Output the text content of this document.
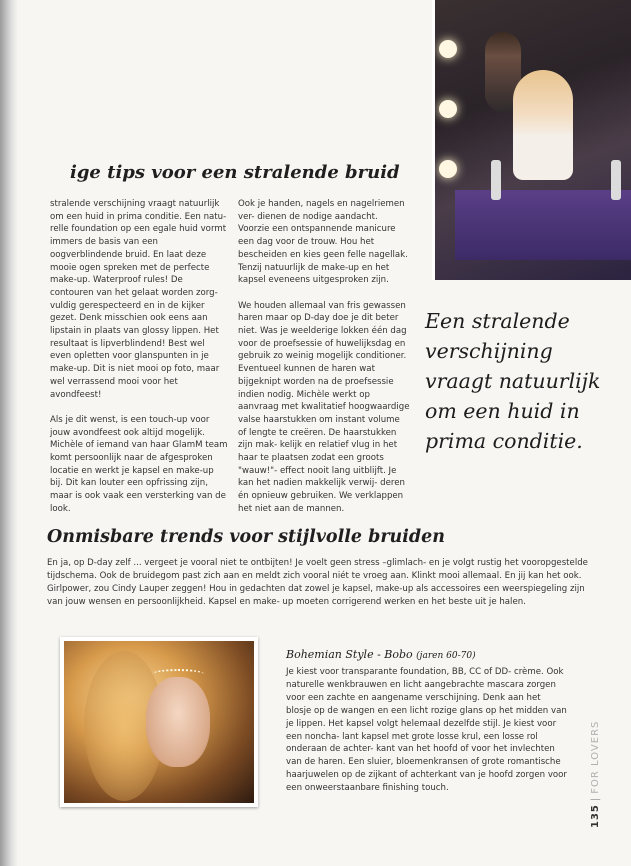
ige tips voor een stralende bruid

stralende verschijning vraagt natuurlijk om een huid in prima conditie. Een natu- relle foundation op een egale huid vormt immers de basis van een oogverblindende bruid. En laat deze mooie ogen spreken met de perfecte make-up. Waterproof rules! De contouren van het gelaat worden zorg- vuldig gerespecteerd en in de kijker gezet. Denk misschien ook eens aan lipstain in plaats van glossy lippen. Het resultaat is lipverblindend! Best wel even opletten voor glanspunten in je make-up. Dit is niet mooi op foto, maar wel verrassend mooi voor het avondfeest!

Als je dit wenst, is een touch-up voor jouw avondfeest ook altijd mogelijk. Michèle of iemand van haar GlamM team komt persoonlijk naar de afgesproken locatie en werkt je kapsel en make-up bij. Dit kan louter een opfrissing zijn, maar is ook vaak een versterking van de look.

Ook je handen, nagels en nagelriemen ver- dienen de nodige aandacht. Voorzie een ontspannende manicure een dag voor de trouw. Hou het bescheiden en kies geen felle nagellak. Tenzij natuurlijk de make-up en het kapsel eveneens uitgesproken zijn.

We houden allemaal van fris gewassen haren maar op D-day doe je dit beter niet. Was je weelderige lokken één dag voor de proefsessie of huwelijksdag en gebruik zo weinig mogelijk conditioner. Eventueel kunnen de haren wat bijgeknipt worden na de proefsessie indien nodig. Michèle werkt op aanvraag met kwalitatief hoogwaardige valse haarstukken om instant volume of lengte te creëren. De haarstukken zijn mak- kelijk en relatief vlug in het haar te plaatsen zodat een groots "wauw!"- effect nooit lang uitblijft. Je kan het nadien makkelijk verwij- deren én opnieuw gebruiken. We verklappen het niet aan de mannen.

Een stralende verschijning vraagt natuurlijk om een huid in prima conditie.
Onmisbare trends voor stijlvolle bruiden
En ja, op D-day zelf ... vergeet je vooral niet te ontbijten! Je voelt geen stress –glimlach- en je volgt rustig het vooropgestelde tijdschema. Ook de bruidegom past zich aan en meldt zich vooral niét te vroeg aan. Klinkt mooi allemaal. En jij kan het ook. Girlpower, zou Cindy Lauper zeggen! Hou in gedachten dat zowel je kapsel, make-up als accessoires een weerspiegeling zijn van jouw wensen en persoonlijkheid. Kapsel en make- up moeten corrigerend werken en het beste uit je halen.
Bohemian Style - Bobo (jaren 60-70)
Je kiest voor transparante foundation, BB, CC of DD- crème. Ook naturelle wenkbrauwen en licht aangebrachte mascara zorgen voor een zachte en aangename verschijning. Denk aan het blosje op de wangen en een licht rozige glans op het midden van je lippen. Het kapsel volgt helemaal dezelfde stijl. Je kiest voor een noncha- lant kapsel met grote losse krul, een losse rol onderaan de achter- kant van het hoofd of voor het invlechten van de haren. Een sluier, bloemenkransen of grote romantische haarjuwelen op de zijkant of achterkant van je hoofd zorgen voor een onweerstaanbare finishing touch.
135|FOR LOVERS
